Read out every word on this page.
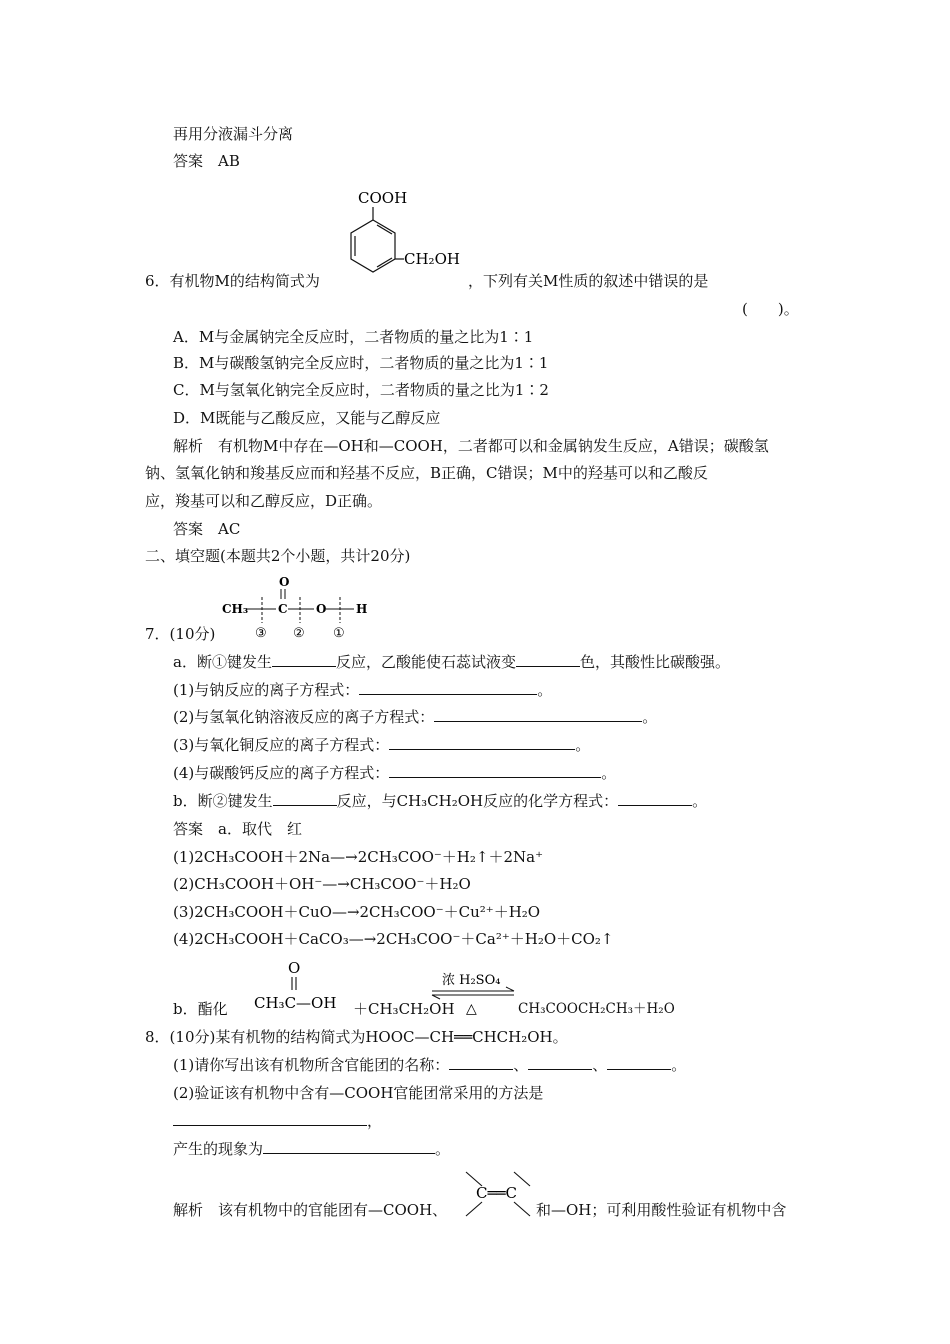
再用分液漏斗分离
答案　AB
COOH
CH₂OH
6．有机物M的结构简式为	，下列有关M性质的叙述中错误的是
(　　)。
A．M与金属钠完全反应时，二者物质的量之比为1∶1
B．M与碳酸氢钠完全反应时，二者物质的量之比为1∶1
C．M与氢氧化钠完全反应时，二者物质的量之比为1∶2
D．M既能与乙酸反应，又能与乙醇反应
解析　有机物M中存在—OH和—COOH，二者都可以和金属钠发生反应，A错误；碳酸氢
钠、氢氧化钠和羧基反应而和羟基不反应，B正确，C错误；M中的羟基可以和乙酸反
应，羧基可以和乙醇反应，D正确。
答案　AC
二、填空题(本题共2个小题，共计20分)
O
CH₃ C O H
③ ② ①
7．(10分)
a．断①键发生	反应，乙酸能使石蕊试液变	色，其酸性比碳酸强。
(1)与钠反应的离子方程式：	。
(2)与氢氧化钠溶液反应的离子方程式：	。
(3)与氧化铜反应的离子方程式：	。
(4)与碳酸钙反应的离子方程式：	。
b．断②键发生	反应，与CH₃CH₂OH反应的化学方程式：	。
答案　a．取代　红
(1)2CH₃COOH＋2Na—→2CH₃COO⁻＋H₂↑＋2Na⁺
(2)CH₃COOH＋OH⁻—→CH₃COO⁻＋H₂O
(3)2CH₃COOH＋CuO—→2CH₃COO⁻＋Cu²⁺＋H₂O
(4)2CH₃COOH＋CaCO₃—→2CH₃COO⁻＋Ca²⁺＋H₂O＋CO₂↑
b．酯化
O
CH₃C—OH ＋CH₃CH₂OH
浓 H₂SO₄
△	CH₃COOCH₂CH₃＋H₂O
8．(10分)某有机物的结构简式为HOOC—CH══CHCH₂OH。
(1)请你写出该有机物所含官能团的名称：	、	、	。
(2)验证该有机物中含有—COOH官能团常采用的方法是
，
产生的现象为	。
解析　该有机物中的官能团有—COOH、
C══C
和—OH；可利用酸性验证有机物中含
